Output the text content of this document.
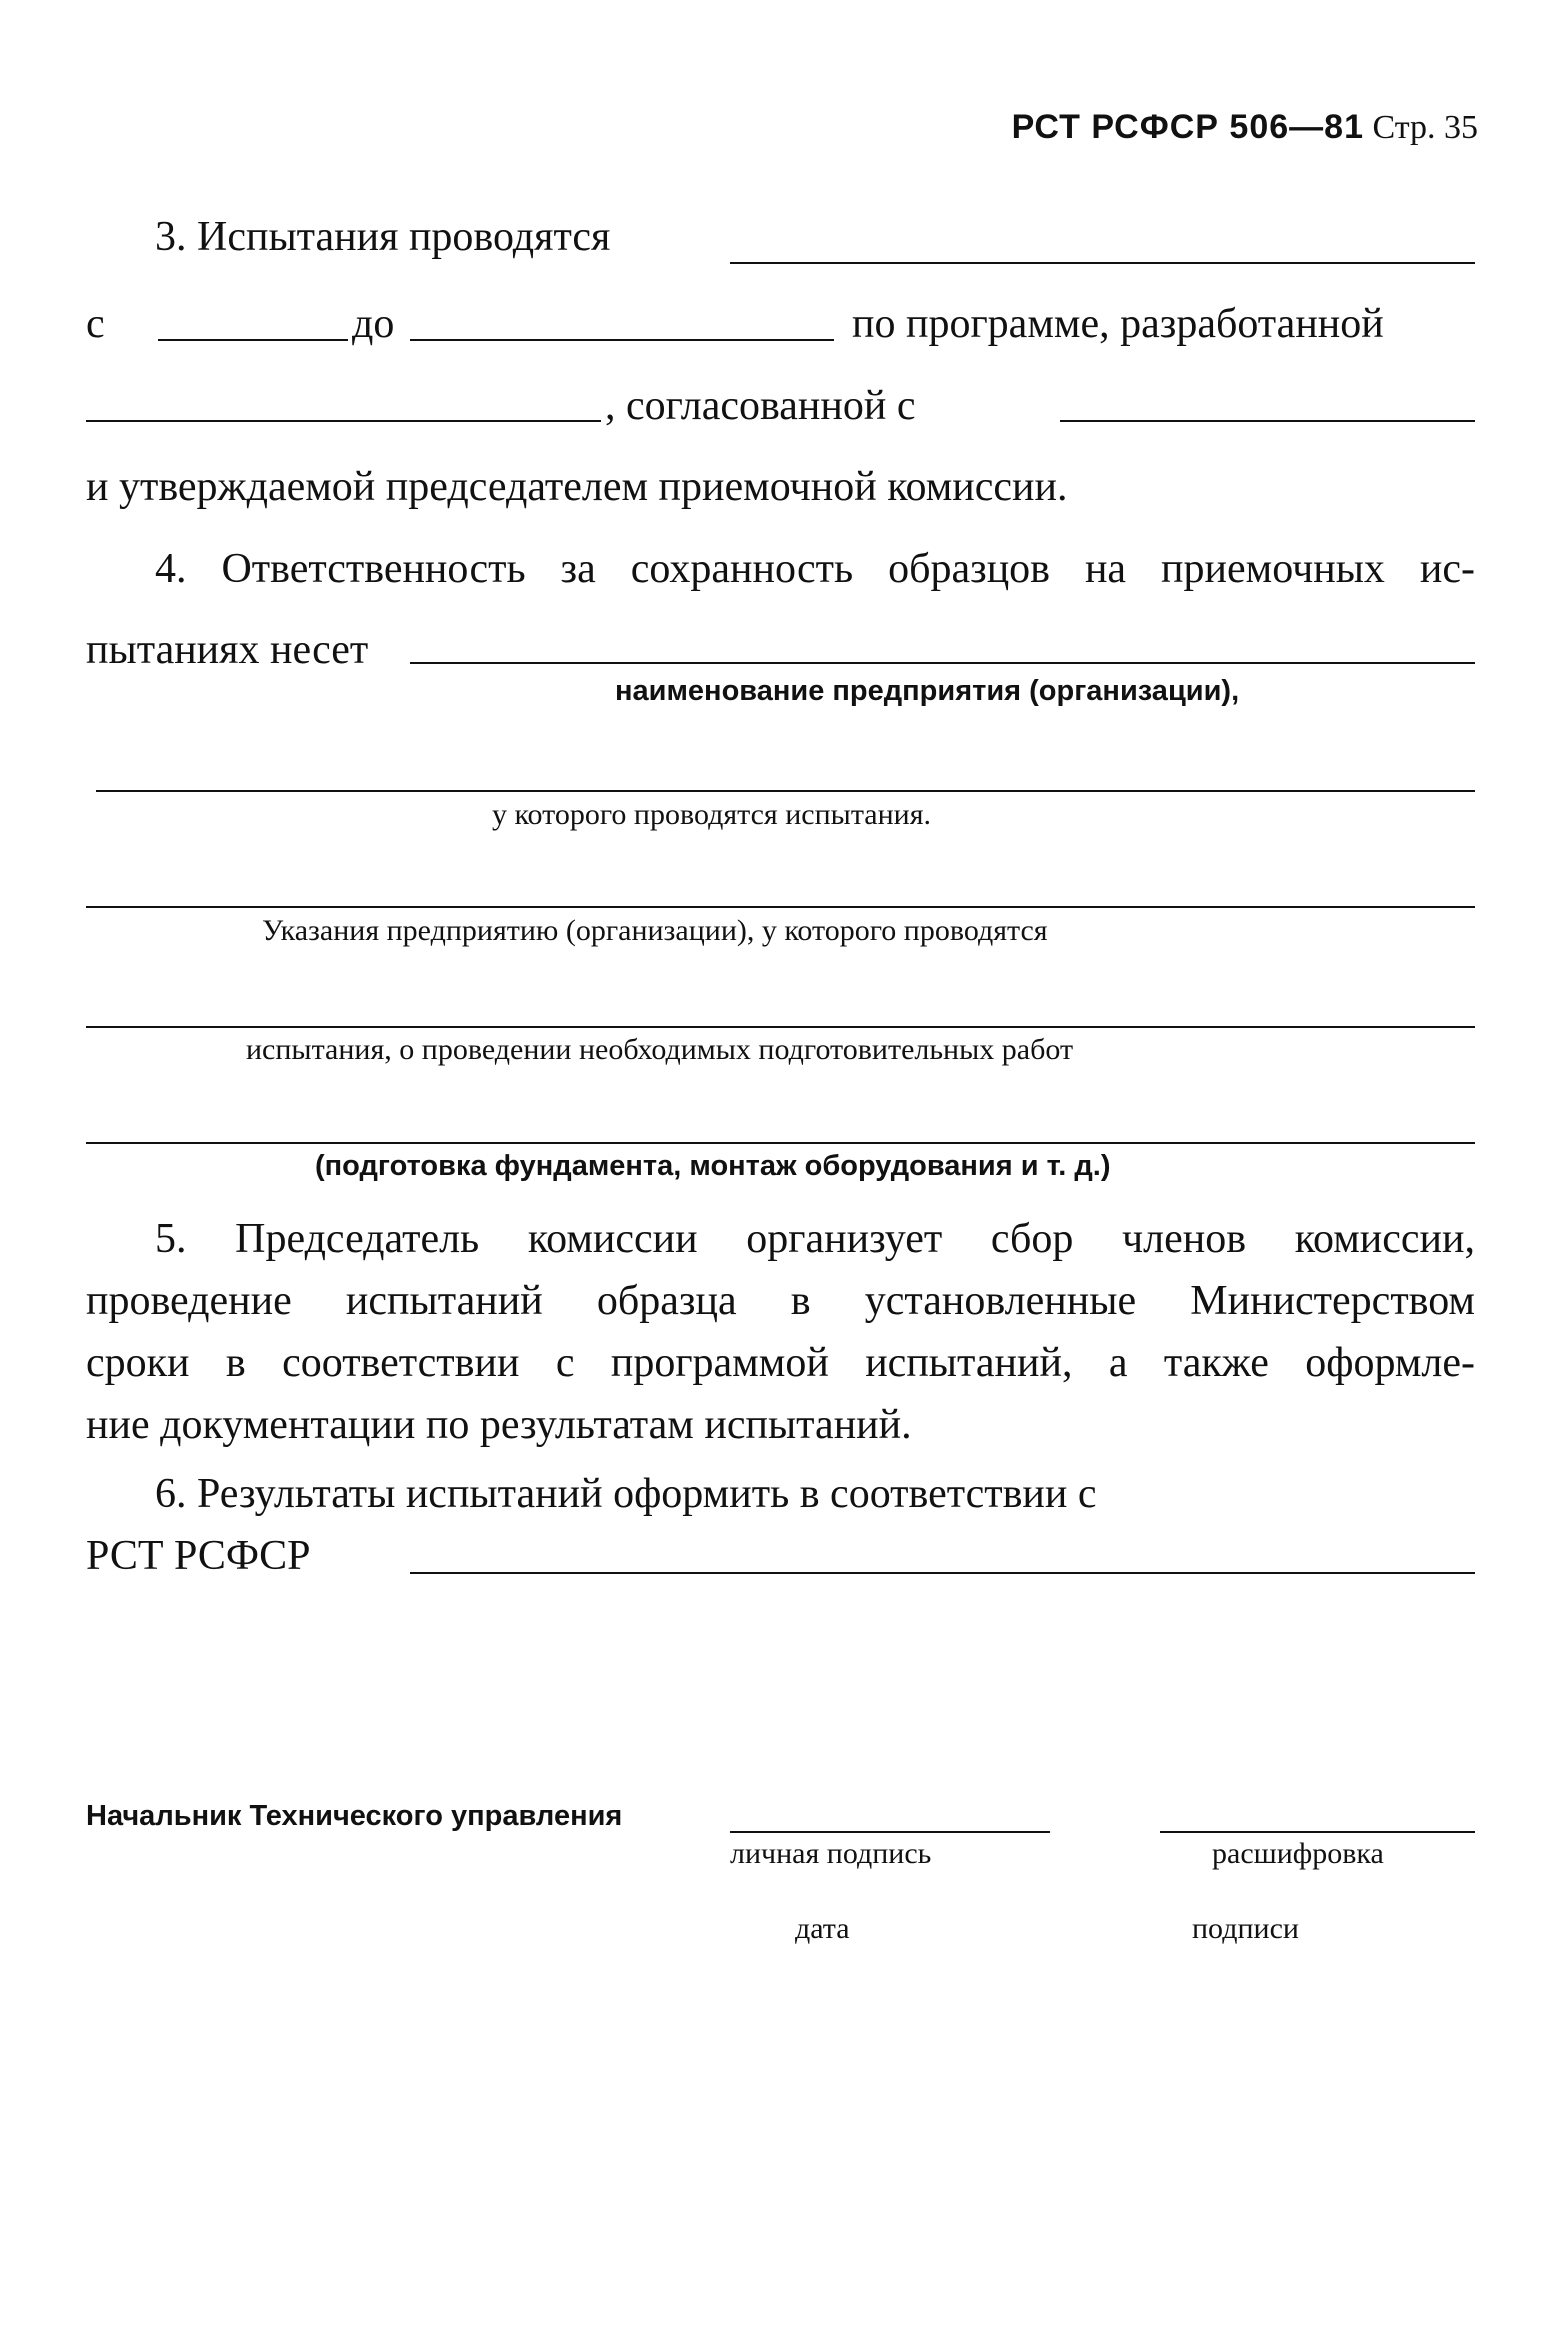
РСТ РСФСР 506—81 Стр. 35
3. Испытания проводятся
с	до	по программе, разработанной
, согласованной с
и утверждаемой председателем приемочной комиссии.
4. Ответственность за сохранность образцов на приемочных ис-
пытаниях несет
наименование предприятия (организации),
у которого проводятся испытания.
Указания предприятию (организации), у которого проводятся
испытания, о проведении необходимых подготовительных работ
(подготовка фундамента, монтаж оборудования и т. д.)
5. Председатель комиссии организует сбор членов комиссии,
проведение испытаний образца в установленные Министерством
сроки в соответствии с программой испытаний, а также оформле-
ние документации по результатам испытаний.
6. Результаты испытаний оформить в соответствии с
РСТ РСФСР
Начальник Технического управления
личная подпись	расшифровка
дата	подписи
